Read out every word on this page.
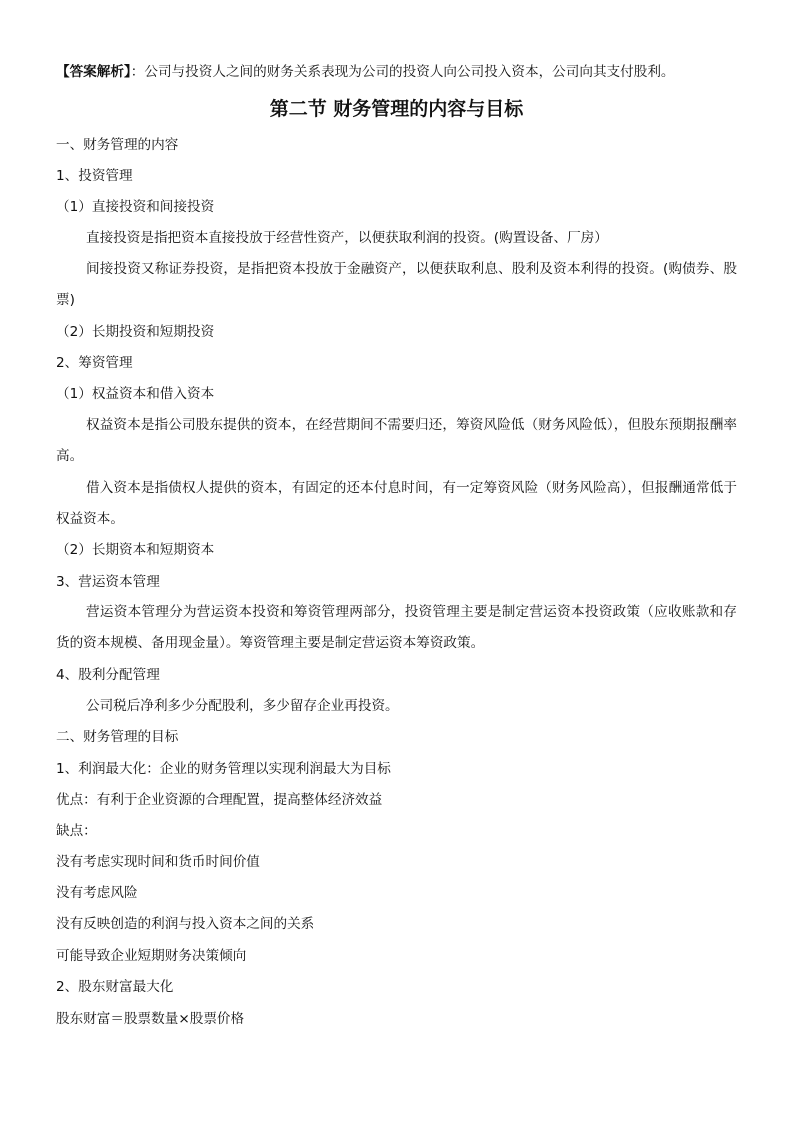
【答案解析】：公司与投资人之间的财务关系表现为公司的投资人向公司投入资本，公司向其支付股利。
第二节 财务管理的内容与目标
一、财务管理的内容
1、投资管理
（1）直接投资和间接投资
直接投资是指把资本直接投放于经营性资产，以便获取利润的投资。(购置设备、厂房）
间接投资又称证券投资，是指把资本投放于金融资产，以便获取利息、股利及资本利得的投资。(购债券、股票)
（2）长期投资和短期投资
2、筹资管理
（1）权益资本和借入资本
权益资本是指公司股东提供的资本，在经营期间不需要归还，筹资风险低（财务风险低），但股东预期报酬率高。
借入资本是指债权人提供的资本，有固定的还本付息时间，有一定筹资风险（财务风险高），但报酬通常低于权益资本。
（2）长期资本和短期资本
3、营运资本管理
营运资本管理分为营运资本投资和筹资管理两部分，投资管理主要是制定营运资本投资政策（应收账款和存货的资本规模、备用现金量）。筹资管理主要是制定营运资本筹资政策。
4、股利分配管理
公司税后净利多少分配股利，多少留存企业再投资。
二、财务管理的目标
1、利润最大化：企业的财务管理以实现利润最大为目标
优点：有利于企业资源的合理配置，提高整体经济效益
缺点：
没有考虑实现时间和货币时间价值
没有考虑风险
没有反映创造的利润与投入资本之间的关系
可能导致企业短期财务决策倾向
2、股东财富最大化
股东财富＝股票数量×股票价格
